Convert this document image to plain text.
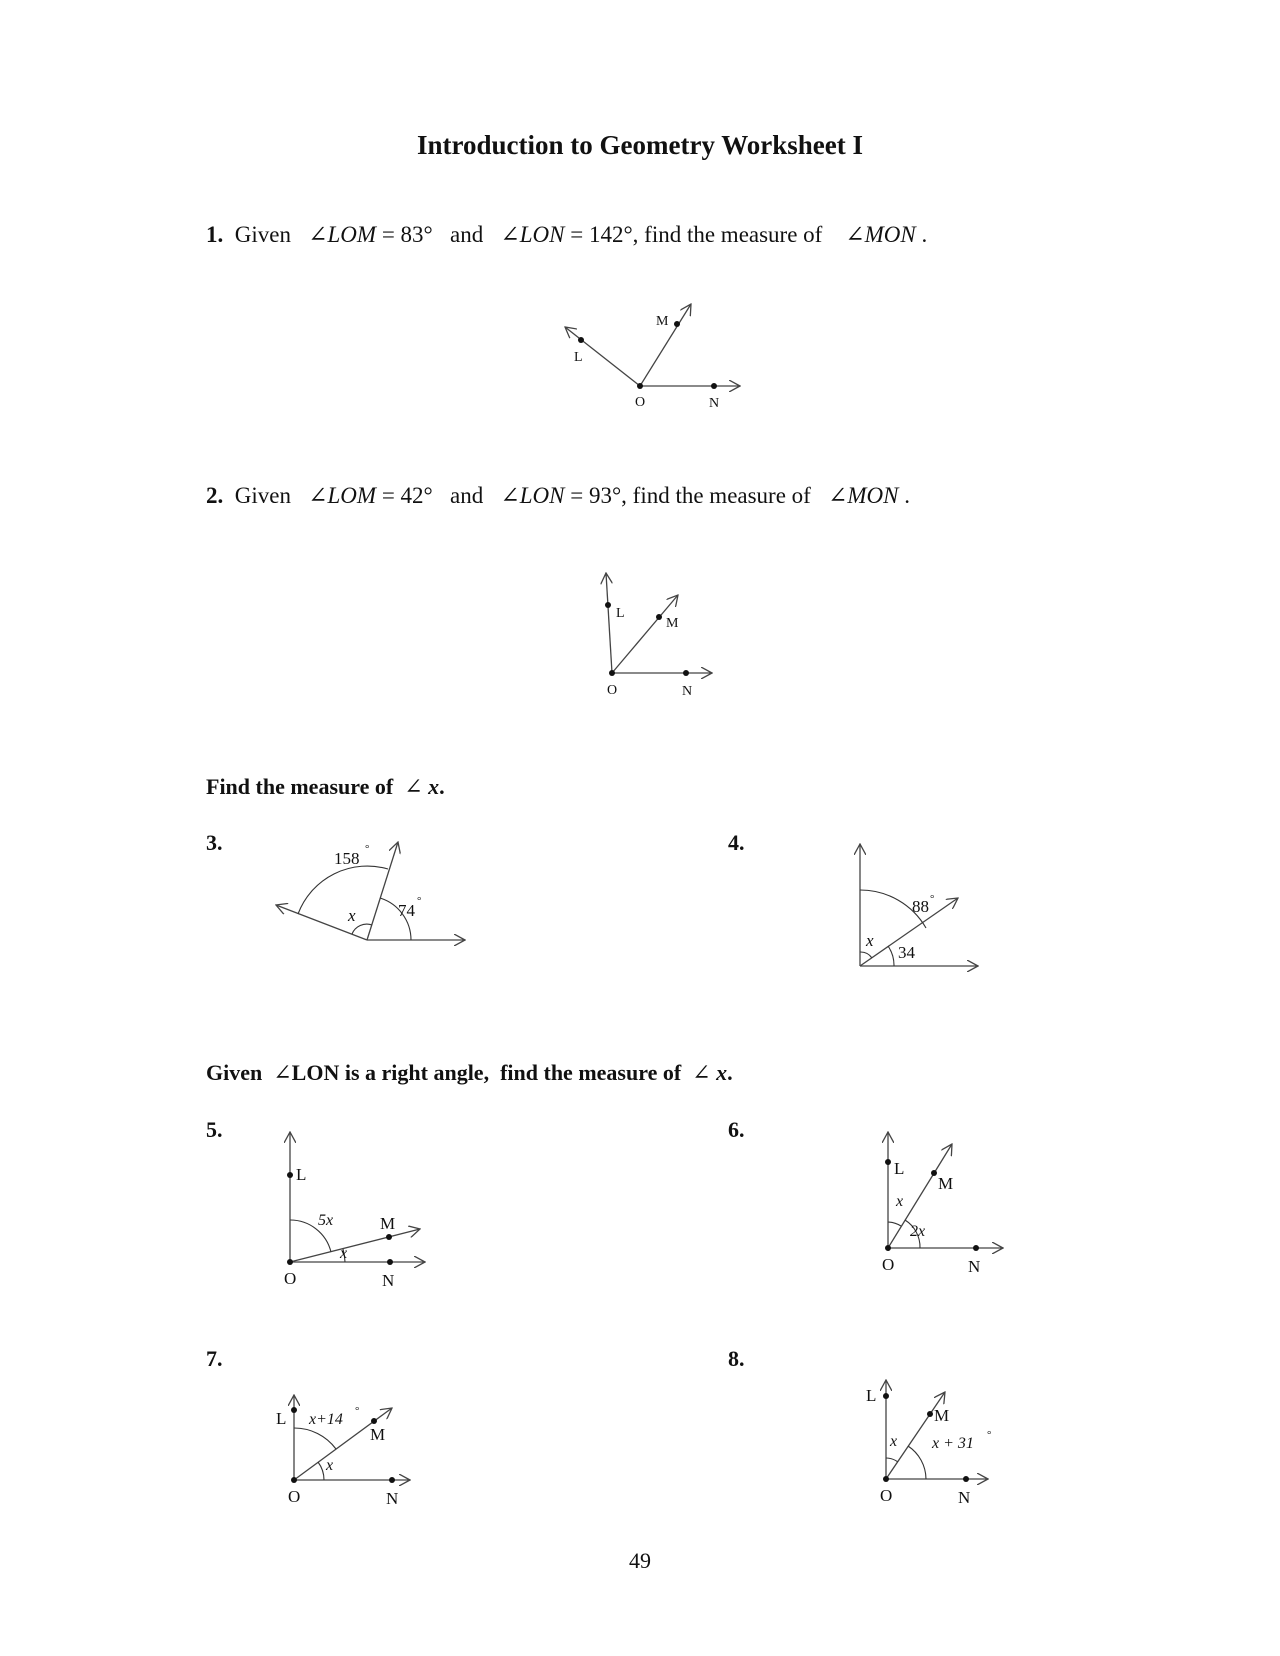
Introduction to Geometry Worksheet I
1. Given ∠LOM = 83° and ∠LON = 142°, find the measure of ∠MON .
L
M
O	N
L
M
O	N
158 °
74 °
x	88 °
34
x
L
M
O	N
5x
x
L
M
O	N
x
2x
L
M
O	N
x+14 °
x
L
M
O	N
x x + 31 °
2. Given ∠LOM = 42° and ∠LON = 93°, find the measure of ∠MON .
Find the measure of ∠ x.
3.	4.
Given ∠LON is a right angle, find the measure of ∠ x.
5.	6.
7.	8.
49
